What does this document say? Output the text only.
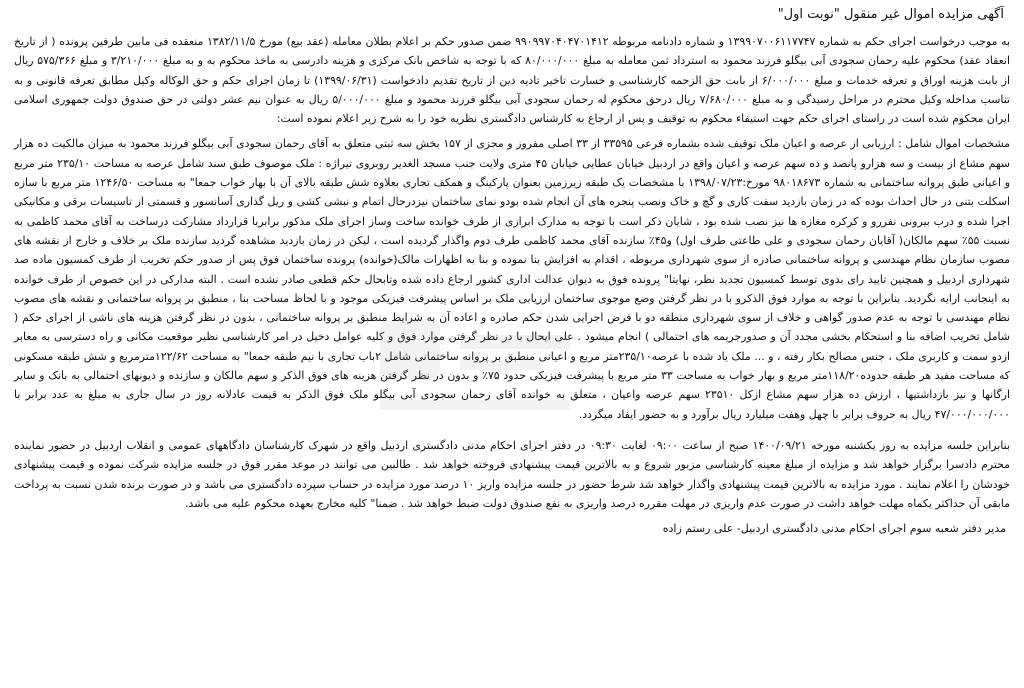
آگهی مزایده اموال غیر منقول "نوبت اول"

به موجب درخواست اجرای حکم به شماره ۱۳۹۹۰۷۰۰۶۱۱۷۷۴۷ و شماره دادنامه مربوطه ۹۹۰۹۹۷۰۴۰۴۷۰۱۴۱۲ ضمن صدور حکم بر اعلام بطلان معامله (عقد بیع) مورخ ۱۳۸۲/۱۱/۵ منعقده فی مابین طرفین پرونده ( از تاریخ انعقاد عقد) محکوم علیه رحمان سجودی آبی بیگلو فرزند محمود به استرداد ثمن معامله به مبلغ ۸۰/۰۰۰/۰۰۰ که با توجه به شاخص بانک مرکزی و هزینه دادرسی به ماخذ محکوم به و به مبلغ ۳/۲۱۰/۰۰۰ و مبلغ ۵۷۵/۳۶۶ ریال از بابت هزینه اوراق و تعرفه خدمات و مبلغ ۶/۰۰۰/۰۰۰ از بابت حق الزحمه کارشناسی و خسارت تاخیر تادیه دین از تاریخ تقدیم دادخواست (۱۳۹۹/۰۶/۳۱) تا زمان اجرای حکم و حق الوکاله وکیل مطابق تعرفه قانونی و به تناسب مداخله وکیل محترم در مراحل رسیدگی و به مبلغ ۷/۶۸۰/۰۰۰ ریال درحق محکوم له رحمان سجودی آبی بیگلو فرزند محمود و مبلغ ۵/۰۰۰/۰۰۰ ریال به عنوان نیم عشر دولتی در حق صندوق دولت جمهوری اسلامی ایران محکوم شده است در راستای اجرای حکم جهت استیفاء محکوم به توقیف و پس از ارجاع به کارشناس دادگستری نظریه خود را به شرح زیر اعلام نموده است:

مشخصات اموال شامل : ارزیابی از عرصه و اعیان ملک توقیف شده بشماره فرعی ۳۳۵۹۵ از ۳۳ اصلی مفروز و مجزی از ۱۵۷ بخش سه ثبتی متعلق به آقای رحمان سجودی آبی بیگلو فرزند محمود به میزان مالکیت ده هزار سهم مشاع از بیست و سه هزارو پانصد و ده سهم عرصه و اعیان واقع در اردبیل خیابان عطایی خیابان ۴۵ متری ولایت جنب مسجد الغدیر روبروی تیراژه : ملک موصوف طبق سند شامل عرصه به مساحت ۲۳۵/۱۰ متر مربع و اعیانی طبق پروانه ساختمانی به شماره ۹۸۰۱۸۶۷۳ مورخ:۱۳۹۸/۰۷/۲۳ با مشخصات یک طبقه زیرزمین بعنوان پارکینگ و همکف تجاری بعلاوه شش طبقه بالای آن با بهار خواب جمعا" به مساحت ۱۲۴۶/۵۰ متر مربع با سازه اسکلت بتنی در حال احداث بوده که در زمان بازدید سفت کاری و گچ و خاک ونصب پنجره های آن انجام شده بودو نمای ساختمان نیزدرحال اتمام و نبشی کشی و ریل گذاری آسانسور و قسمتی از تاسیسات برقی و مکانیکی اجرا شده و درب بیرونی نفررو و کرکره مغازه ها نیز نصب شده بود ، شایان ذکر است با توجه به مدارک ابرازی از طرف خوانده ساخت وساز اجرای ملک مذکور برابربا قرارداد مشارکت درساخت به آقای محمد کاظمی به نسبت ۵۵٪ سهم مالکان( آقایان رحمان سجودی و علی طاعتی طرف اول) و۴۵٪ سازنده آقای محمد کاظمی طرف دوم واگذار گردیده است ، لیکن در زمان بازدید مشاهده گردید سازنده ملک بر خلاف و خارج از نقشه های مصوب سازمان نظام مهندسی و پروانه ساختمانی صادره از سوی شهرداری مربوطه ، اقدام به افزایش بنا نموده و بنا به اظهارات مالک(خوانده) پرونده ساختمان فوق پس از صدور حکم تخریب از طرف کمسیون ماده صد شهرداری اردبیل و همچنین تایید رای بدوی توسط کمسیون تجدید نظر، نهایتا" پرونده فوق به دیوان عدالت اداری کشور ارجاع داده شده وتابحال حکم قطعی صادر نشده است . البته مدارکی در این خصوص از طرف خوانده به اینجانب ارایه نگردید. بنابراین با توجه به موارد فوق الذکرو با در نظر گرفتن وضع موجوی ساختمان ارزیابی ملک بر اساس پیشرفت فیزیکی موجود و با لحاظ مساحت بنا ، منطبق بر پروانه ساختمانی و نقشه های مصوب نظام مهندسی با توجه به عدم صدور گواهی و خلاف از سوی شهرداری منطقه دو با فرض اجرایی شدن حکم صادره و اعاده آن به شرایط منطبق بر پروانه ساختمانی ، بدون در نظر گرفتن هزینه های ناشی از اجرای حکم ( شامل تخریب اضافه بنا و استحکام بخشی مجدد آن و صدورجریمه های احتمالی ) انجام میشود . علی ایحال با در نظر گرفتن موارد فوق و کلیه عوامل دخیل در امر کارشناسی نظیر موقعیت مکانی و راه دسترسی به معابر ازدو سمت و کاربری ملک ، جنس مصالح بکار رفته ، و ... ملک یاد شده با عرصه۲۳۵/۱۰متر مربع و اعیانی منطبق بر پروانه ساختمانی شامل ۲باب تجاری با نیم طبقه جمعا" به مساحت ۱۲۲/۶۲مترمربع و شش طبقه مسکونی که مساحت مفید هر طبقه حدوده۱۱۸/۲۰متر مربع و بهار خواب به مساحت ۳۳ متر مربع با پیشرفت فیزیکی حدود ۷۵٪ و بدون در نظر گرفتن هزینه های فوق الذکر و سهم مالکان و سازنده و دیونهای احتمالی به بانک و سایر ارگانها و نیز بازداشتیها ، ارزش ده هزار سهم مشاع ازکل ۲۳۵۱۰ سهم عرصه واعیان ، متعلق به خوانده آقای رحمان سجودی آبی بیگلو ملک فوق الذکر به قیمت عادلانه روز در سال جاری به مبلغ به عدد برابر با ۴۷/۰۰۰/۰۰۰/۰۰۰ ریال به حروف برابر با چهل وهفت میلیارد ریال برآورد و به حضور ایفاد میگردد.

بنابراین جلسه مزایده به روز یکشنبه مورخه ۱۴۰۰/۰۹/۲۱ صبح از ساعت ۰۹:۰۰ لغایت ۰۹:۳۰ در دفتر اجرای احکام مدنی دادگستری اردبیل واقع در شهرک کارشناسان دادگاههای عمومی و انقلاب اردبیل در حضور نماینده محترم دادسرا برگزار خواهد شد و مزایده از مبلغ معینه کارشناسی مزبور شروع و به بالاترین قیمت پیشنهادی فروخته خواهد شد . طالبین می توانند در موعد مقرر فوق در جلسه مزایده شرکت نموده و قیمت پیشنهادی خودشان را اعلام نمایند . مورد مزایده به بالاترین قیمت پیشنهادی واگذار خواهد شد شرط حضور در جلسه مزایده واریز ۱۰ درصد مورد مزایده در حساب سپرده دادگستری می باشد و در صورت برنده شدن نسبت به پرداخت مابقی آن حداکثر یکماه مهلت خواهد داشت در صورت عدم واریزی در مهلت مقرره درصد واریزی به نفع صندوق دولت ضبط خواهد شد . ضمنا" کلیه مخارج بعهده محکوم علیه می باشد.

مدیر دفتر شعبه سوم اجرای احکام مدنی دادگستری اردبیل- علی رستم زاده
